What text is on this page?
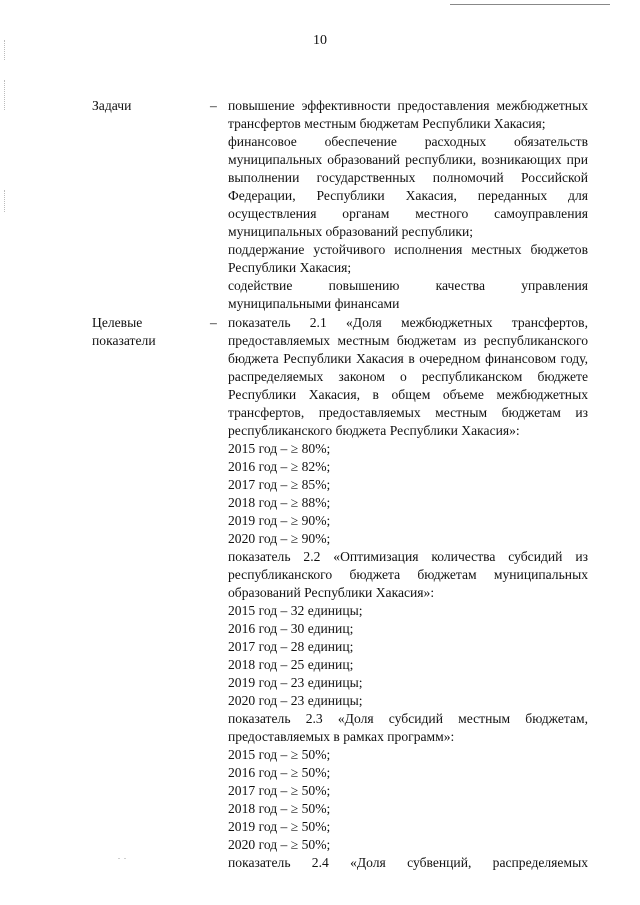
10
Задачи	– повышение эффективности предоставления межбюджетных
трансфертов местным бюджетам Республики Хакасия;
финансовое обеспечение расходных обязательств
муниципальных образований республики, возникающих при
выполнении государственных полномочий Российской
Федерации, Республики Хакасия, переданных для
осуществления органам местного самоуправления
муниципальных образований республики;
поддержание устойчивого исполнения местных бюджетов
Республики Хакасия;
содействие повышению качества управления
муниципальными финансами
Целевые
показатели
– показатель 2.1 «Доля межбюджетных трансфертов,
предоставляемых местным бюджетам из республиканского
бюджета Республики Хакасия в очередном финансовом году,
распределяемых законом о республиканском бюджете
Республики Хакасия, в общем объеме межбюджетных
трансфертов, предоставляемых местным бюджетам из
республиканского бюджета Республики Хакасия»:
2015 год – ≥ 80%;
2016 год – ≥ 82%;
2017 год – ≥ 85%;
2018 год – ≥ 88%;
2019 год – ≥ 90%;
2020 год – ≥ 90%;
показатель 2.2 «Оптимизация количества субсидий из
республиканского бюджета бюджетам муниципальных
образований Республики Хакасия»:
2015 год – 32 единицы;
2016 год – 30 единиц;
2017 год – 28 единиц;
2018 год – 25 единиц;
2019 год – 23 единицы;
2020 год – 23 единицы;
показатель 2.3 «Доля субсидий местным бюджетам,
предоставляемых в рамках программ»:
2015 год – ≥ 50%;
2016 год – ≥ 50%;
2017 год – ≥ 50%;
2018 год – ≥ 50%;
2019 год – ≥ 50%;
2020 год – ≥ 50%;
показатель 2.4 «Доля субвенций, распределяемых
